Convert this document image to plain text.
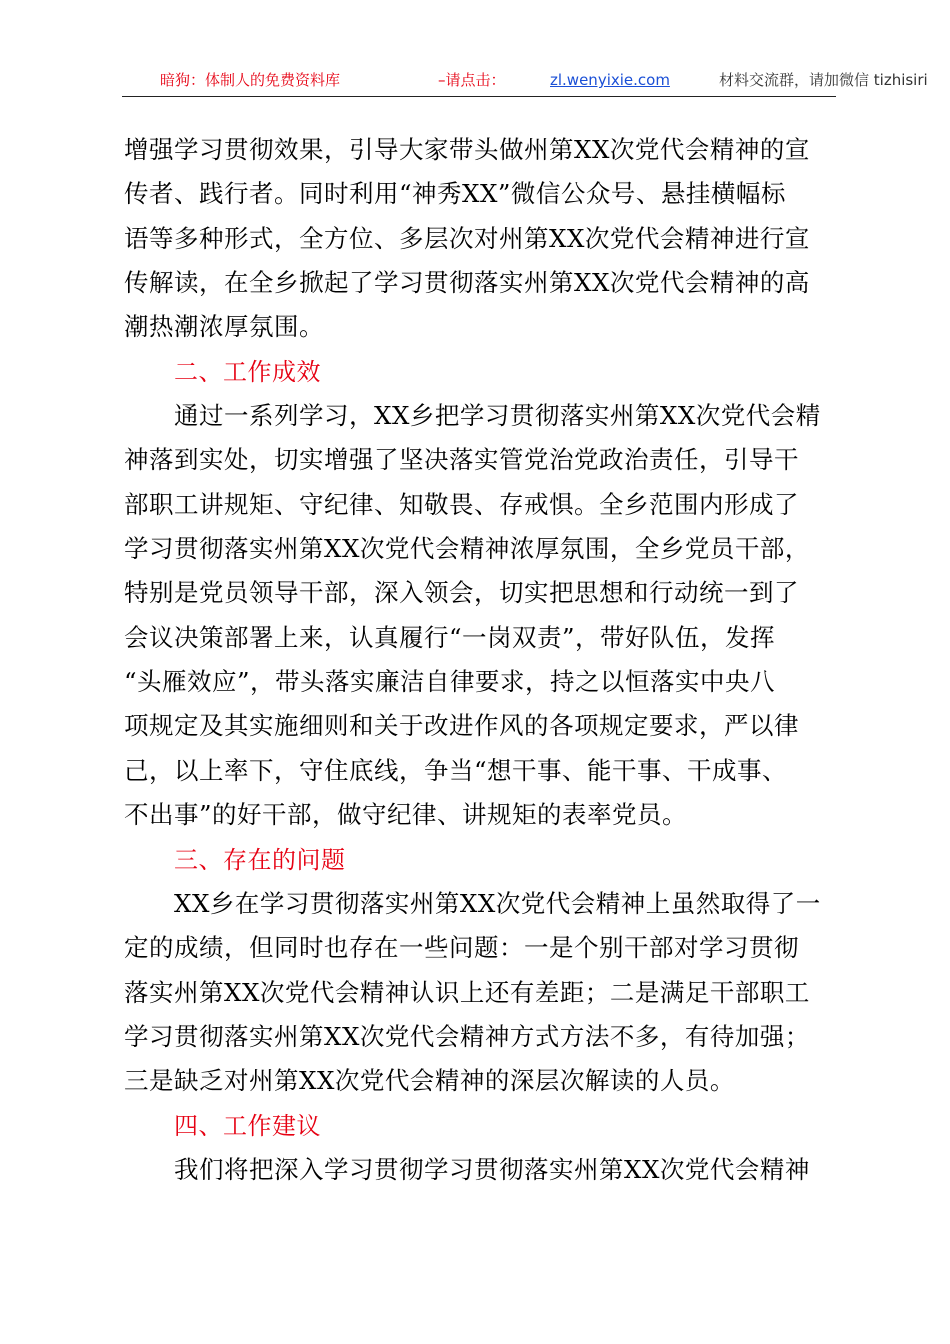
暗狗：体制人的免费资料库	–请点击：	zl.wenyixie.com	材料交流群，请加微信 tizhisiri
增强学习贯彻效果，引导大家带头做州第XX次党代会精神的宣
传者、践行者。同时利用“神秀XX”微信公众号、悬挂横幅标
语等多种形式，全方位、多层次对州第XX次党代会精神进行宣
传解读，在全乡掀起了学习贯彻落实州第XX次党代会精神的高
潮热潮浓厚氛围。
二、工作成效
通过一系列学习，XX乡把学习贯彻落实州第XX次党代会精
神落到实处，切实增强了坚决落实管党治党政治责任，引导干
部职工讲规矩、守纪律、知敬畏、存戒惧。全乡范围内形成了
学习贯彻落实州第XX次党代会精神浓厚氛围，全乡党员干部，
特别是党员领导干部，深入领会，切实把思想和行动统一到了
会议决策部署上来，认真履行“一岗双责”，带好队伍，发挥
“头雁效应”，带头落实廉洁自律要求，持之以恒落实中央八
项规定及其实施细则和关于改进作风的各项规定要求，严以律
己，以上率下，守住底线，争当“想干事、能干事、干成事、
不出事”的好干部，做守纪律、讲规矩的表率党员。
三、存在的问题
XX乡在学习贯彻落实州第XX次党代会精神上虽然取得了一
定的成绩，但同时也存在一些问题：一是个别干部对学习贯彻
落实州第XX次党代会精神认识上还有差距；二是满足干部职工
学习贯彻落实州第XX次党代会精神方式方法不多，有待加强；
三是缺乏对州第XX次党代会精神的深层次解读的人员。
四、工作建议
我们将把深入学习贯彻学习贯彻落实州第XX次党代会精神
